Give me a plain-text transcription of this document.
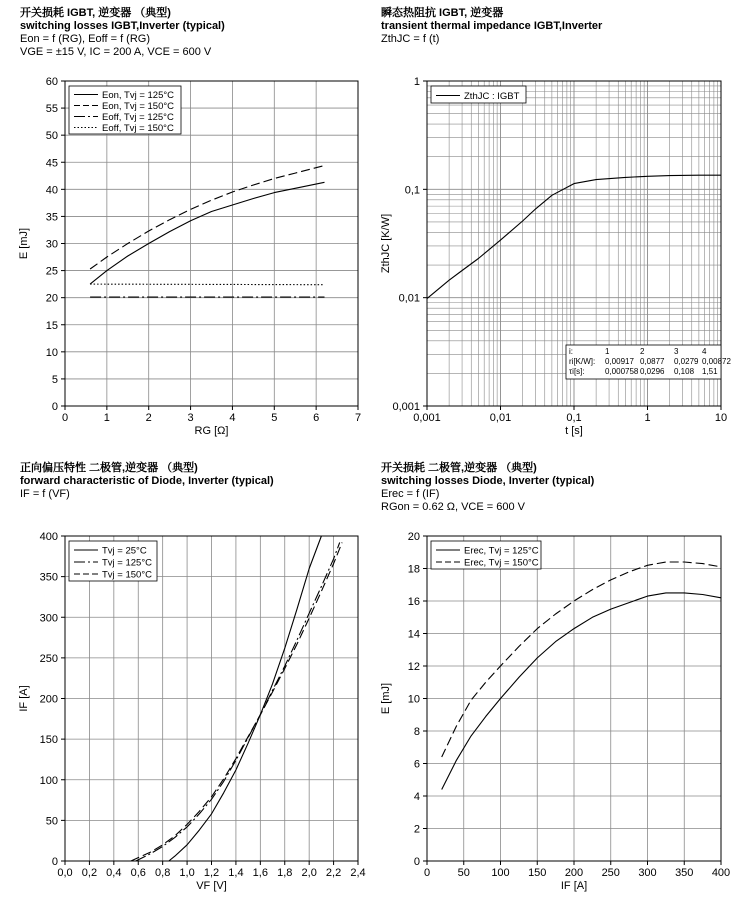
开关损耗 IGBT, 逆变器 （典型)
switching losses IGBT,Inverter (typical)
Eon = f (RG), Eoff = f (RG)
VGE = ±15 V, IC = 200 A, VCE = 600 V
0	1	2	3	4	5	6	7
0
5
10
15
20
25
30
35
40
45
50
55
60
RG [Ω]
E [mJ]
Eon, Tvj = 125°C
Eon, Tvj = 150°C
Eoff, Tvj = 125°C
Eoff, Tvj = 150°C
瞬态热阻抗 IGBT, 逆变器
transient thermal impedance IGBT,Inverter
ZthJC = f (t)
0,001	0,01	0,1	1	10
0,001
0,01
0,1
1
t [s]
ZthJC [K/W]
ZthJC : IGBT
i:	1	2	3	4
ri[K/W]: 0,00917 0,0877 0,0279 0,00872
τi[s]:	0,000758 0,0296 0,108 1,51
正向偏压特性 二极管,逆变器 （典型)
forward characteristic of Diode, Inverter (typical)
IF = f (VF)
0,0 0,2 0,4 0,6 0,8 1,0 1,2 1,4 1,6 1,8 2,0 2,2 2,4
0
50
100
150
200
250
300
350
400
VF [V]
IF [A]
Tvj = 25°C
Tvj = 125°C
Tvj = 150°C
开关损耗 二极管,逆变器 （典型)
switching losses Diode, Inverter (typical)
Erec = f (IF)
RGon = 0.62 Ω, VCE = 600 V
0	50 100 150 200 250 300 350 400
0
2
4
6
8
10
12
14
16
18
20
IF [A]
E [mJ]
Erec, Tvj = 125°C
Erec, Tvj = 150°C
